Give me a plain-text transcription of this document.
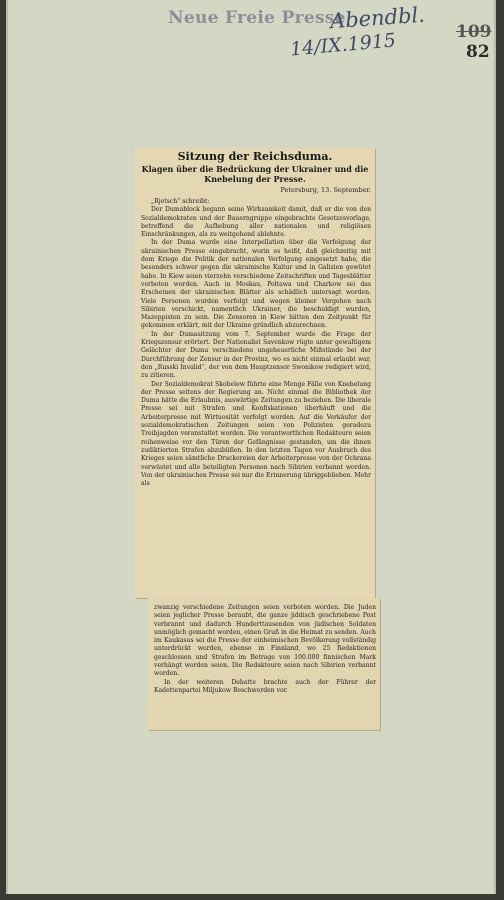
Neue Freie Presse
Abendbl.
14/IX.1915	109
82
Sitzung der Reichsduma.
Klagen über die Bedrückung der Ukrainer und die Knebelung der Presse.
Petersburg, 13. September.

„Rjetsch“ schreibt:

Der Dumablock begann seine Wirksamkeit damit, daß er die von den Sozialdemokraten und der Bauerngruppe eingebrachte Gesetzesvorlage, betreffend die Aufhebung aller nationalen und religiösen Einschränkungen, als zu weitgehend ablehnte.

In der Duma wurde eine Interpellation über die Verfolgung der ukrainischen Presse eingebracht, worin es heißt, daß gleichzeitig mit dem Kriege die Politik der nationalen Verfolgung eingesetzt habe, die besonders schwer gegen die ukrainische Kultur und in Galizien gewütet habe. In Kiew seien vierzehn verschiedene Zeitschriften und Tagesblätter verboten worden. Auch in Moskau, Poltawa und Charkow sei das Erscheinen der ukrainischen Blätter als schädlich untersagt worden. Viele Personen wurden verfolgt und wegen kleiner Vergehen nach Sibirien verschickt, namentlich Ukrainer, die beschuldigt wurden, Mazeppisten zu sein. Die Zensoren in Kiew hätten den Zeitpunkt für gekommen erklärt, mit der Ukraine gründlich abzurechnen.

In der Dumasitzung vom 7. September wurde die Frage der Kriegszensur erörtert. Der Nationalist Savenkow rügte unter gewaltigem Gelächter der Duma verschiedene ungeheuerliche Mißstände bei der Durchführung der Zensur in der Provinz, wo es nicht einmal erlaubt war, den „Russki Invalid“, der von dem Hauptzensor Swonikow redigiert wird, zu zitieren.

Der Sozialdemokrat Skobelew führte eine Menge Fälle von Knebelung der Presse seitens der Regierung an. Nicht einmal die Bibliothek der Duma hätte die Erlaubnis, auswärtige Zeitungen zu beziehen. Die liberale Presse sei mit Strafen und Konfiskationen überhäuft und die Arbeiterpresse mit Wirtuosität verfolgt worden. Auf die Verkäufer der sozialdemokratischen Zeitungen seien von Polizisten geradezu Treibjagden veranstaltet worden. Die verantwortlichen Redakteure seien reihenweise vor den Türen der Gefängnisse gestanden, um die ihnen zudiktierten Strafen abzubüßen. In den letzten Tagen vor Ausbruch des Krieges seien sämtliche Druckereien der Arbeiterpresse von der Ochrana verwüstet und alle beteiligten Personen nach Sibirien verbannt worden. Von der ukrainischen Presse sei nur die Erinnerung übriggeblieben. Mehr als

zwanzig verschiedene Zeitungen seien verboten worden. Die Juden seien jeglicher Presse beraubt, die ganze jiddisch geschriebene Post verbrannt und dadurch Hunderttausenden von jüdischen Soldaten unmöglich gemacht worden, einen Gruß in die Heimat zu senden. Auch im Kaukasus sei die Presse der einheimischen Bevölkerung vollständig unterdrückt worden, ebenso in Finnland, wo 25 Redaktionen geschlossen und Strafen im Betrage von 100.000 finnischen Mark verhängt worden seien. Die Redakteure seien nach Sibirien verbannt worden.

In der weiteren Debatte brachte auch der Führer der Kadettenpartei Miljukow Beschwerden vor.
